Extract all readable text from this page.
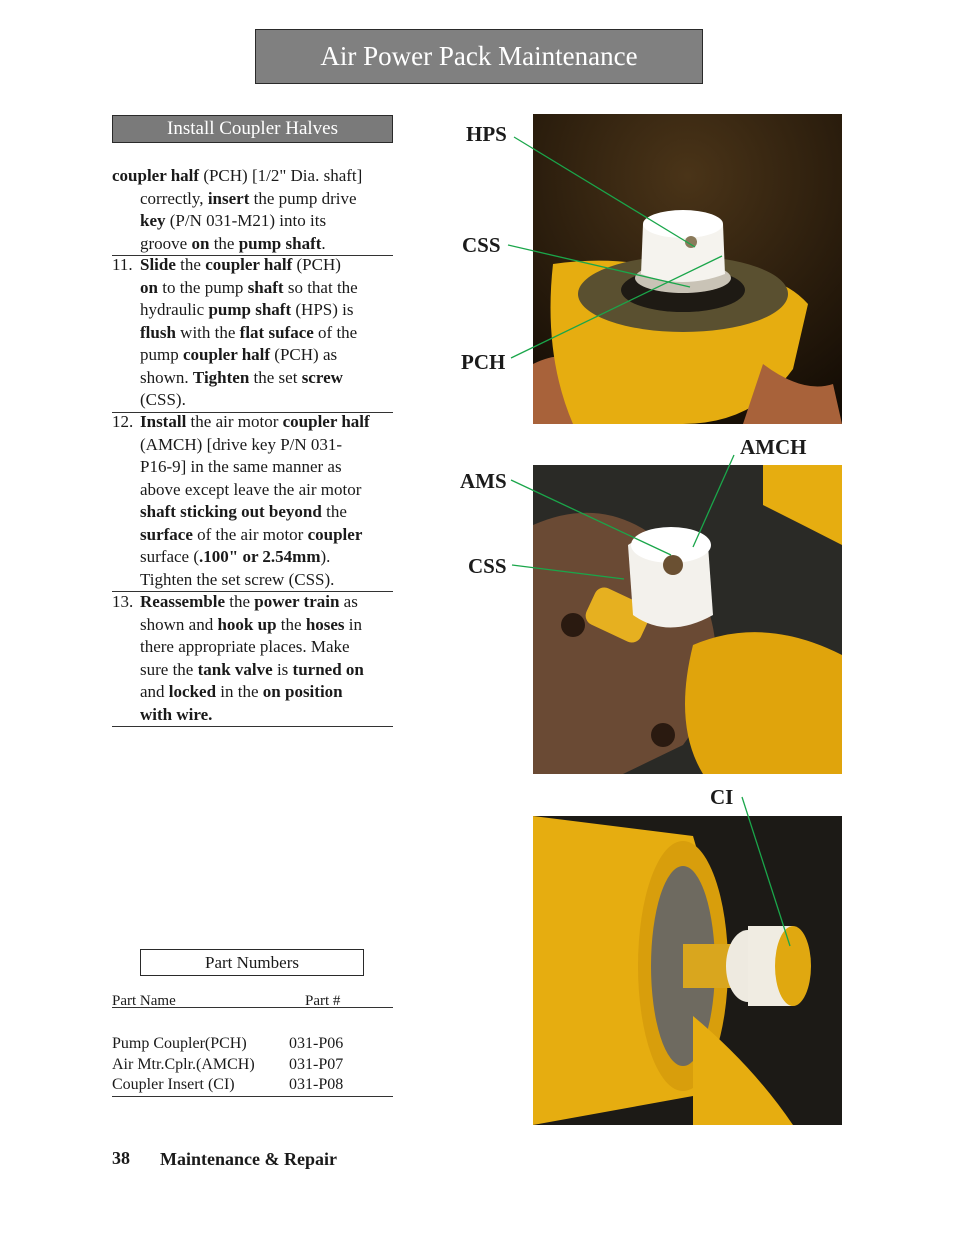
Air Power Pack Maintenance
Install Coupler Halves
coupler half (PCH) [1/2" Dia. shaft]
correctly, insert the pump drive
key (P/N 031-M21) into its
groove on the pump shaft.
11. Slide the coupler half (PCH)
on to the pump shaft so that the
hydraulic pump shaft (HPS) is
flush with the flat suface of the
pump coupler half (PCH) as
shown. Tighten the set screw
(CSS).
12. Install the air motor coupler half
(AMCH) [drive key P/N 031-
P16-9] in the same manner as
above except leave the air motor
shaft sticking out beyond the
surface of the air motor coupler
surface (.100" or 2.54mm).
Tighten the set screw (CSS).
13. Reassemble the power train as
shown and hook up the hoses in
there appropriate places. Make
sure the tank valve is turned on
and locked in the on position
with wire.
Part Numbers
Part Name	Part #
Pump Coupler(PCH)	031-P06
Air Mtr.Cplr.(AMCH) 031-P07
Coupler Insert (CI)	031-P08
38 Maintenance & Repair
HPS
CSS
PCH
AMCH
AMS
CSS
CI
